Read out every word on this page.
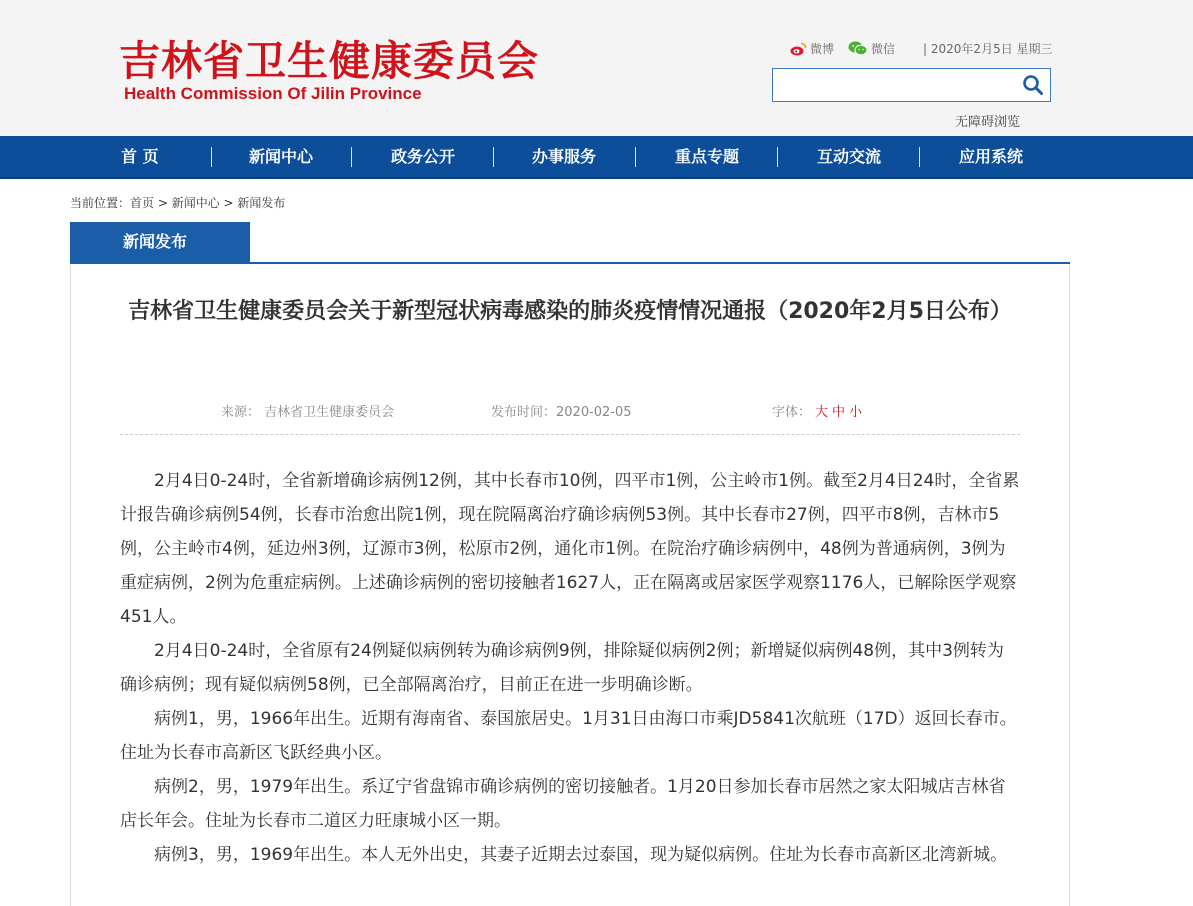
吉林省卫生健康委员会
Health Commission Of Jilin Province
微博	微信 | 2020年2月5日 星期三
无障碍浏览
首 页	新闻中心	政务公开	办事服务	重点专题	互动交流	应用系统
当前位置：首页 > 新闻中心 > 新闻发布
新闻发布
吉林省卫生健康委员会关于新型冠状病毒感染的肺炎疫情情况通报（2020年2月5日公布）
来源： 吉林省卫生健康委员会	发布时间：2020-02-05	字体： 大 中 小

2月4日0-24时，全省新增确诊病例12例，其中长春市10例，四平市1例，公主岭市1例。截至2月4日24时，全省累计报告确诊病例54例，长春市治愈出院1例，现在院隔离治疗确诊病例53例。其中长春市27例，四平市8例，吉林市5例，公主岭市4例，延边州3例，辽源市3例，松原市2例，通化市1例。在院治疗确诊病例中，48例为普通病例，3例为重症病例，2例为危重症病例。上述确诊病例的密切接触者1627人，正在隔离或居家医学观察1176人，已解除医学观察451人。

2月4日0-24时，全省原有24例疑似病例转为确诊病例9例，排除疑似病例2例；新增疑似病例48例，其中3例转为确诊病例；现有疑似病例58例，已全部隔离治疗，目前正在进一步明确诊断。

病例1，男，1966年出生。近期有海南省、泰国旅居史。1月31日由海口市乘JD5841次航班（17D）返回长春市。住址为长春市高新区飞跃经典小区。

病例2，男，1979年出生。系辽宁省盘锦市确诊病例的密切接触者。1月20日参加长春市居然之家太阳城店吉林省店长年会。住址为长春市二道区力旺康城小区一期。

病例3，男，1969年出生。本人无外出史，其妻子近期去过泰国，现为疑似病例。住址为长春市高新区北湾新城。
